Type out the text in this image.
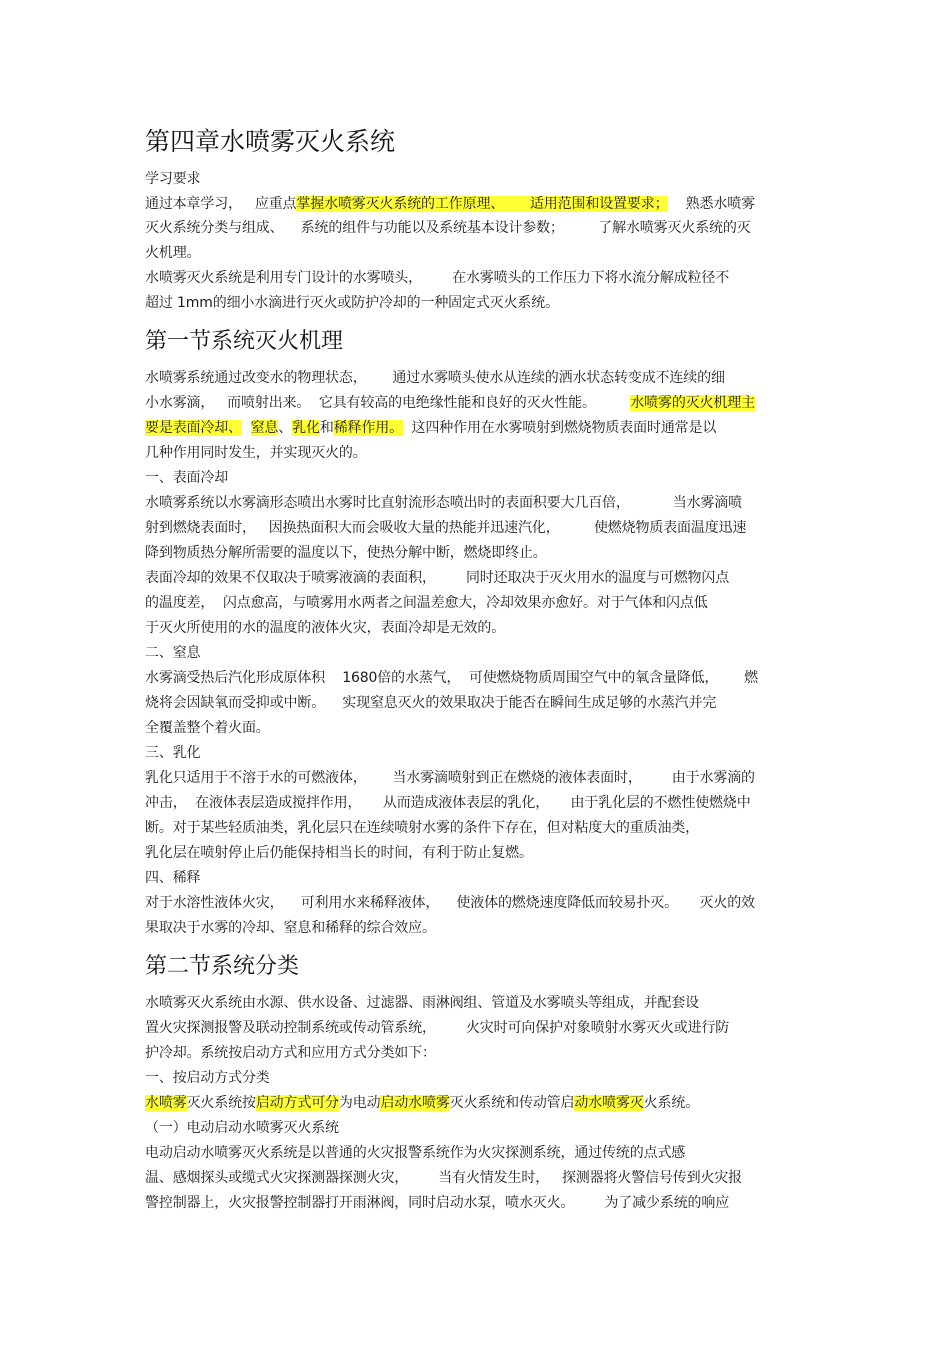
第四章水喷雾灭火系统
学习要求
通过本章学习，   应重点掌握水喷雾灭火系统的工作原理、      适用范围和设置要求；    熟悉水喷雾
灭火系统分类与组成、    系统的组件与功能以及系统基本设计参数；        了解水喷雾灭火系统的灭
火机理。
水喷雾灭火系统是利用专门设计的水雾喷头，       在水雾喷头的工作压力下将水流分解成粒径不
超过 1mm的细小水滴进行灭火或防护冷却的一种固定式灭火系统。
第一节系统灭火机理
水喷雾系统通过改变水的物理状态，      通过水雾喷头使水从连续的洒水状态转变成不连续的细
小水雾滴，   而喷射出来。  它具有较高的电绝缘性能和良好的灭火性能。        水喷雾的灭火机理主
要是表面冷却、 窒息、乳化和稀释作用。  这四种作用在水雾喷射到燃烧物质表面时通常是以
几种作用同时发生，并实现灭火的。
一、表面冷却
水喷雾系统以水雾滴形态喷出水雾时比直射流形态喷出时的表面积要大几百倍，          当水雾滴喷
射到燃烧表面时，   因换热面积大而会吸收大量的热能并迅速汽化，        使燃烧物质表面温度迅速
降到物质热分解所需要的温度以下，使热分解中断，燃烧即终止。
表面冷却的效果不仅取决于喷雾液滴的表面积，       同时还取决于灭火用水的温度与可燃物闪点
的温度差，  闪点愈高，与喷雾用水两者之间温差愈大，冷却效果亦愈好。对于气体和闪点低
于灭火所使用的水的温度的液体火灾，表面冷却是无效的。
二、窒息
水雾滴受热后汽化形成原体积    1680倍的水蒸气，  可使燃烧物质周围空气中的氧含量降低，      燃
烧将会因缺氧而受抑或中断。    实现窒息灭火的效果取决于能否在瞬间生成足够的水蒸汽并完
全覆盖整个着火面。
三、乳化
乳化只适用于不溶于水的可燃液体，      当水雾滴喷射到正在燃烧的液体表面时，       由于水雾滴的
冲击，  在液体表层造成搅拌作用，     从而造成液体表层的乳化，     由于乳化层的不燃性使燃烧中
断。对于某些轻质油类，乳化层只在连续喷射水雾的条件下存在，但对粘度大的重质油类，
乳化层在喷射停止后仍能保持相当长的时间，有利于防止复燃。
四、稀释
对于水溶性液体火灾，    可利用水来稀释液体，    使液体的燃烧速度降低而较易扑灭。     灭火的效
果取决于水雾的冷却、窒息和稀释的综合效应。
第二节系统分类
水喷雾灭火系统由水源、供水设备、过滤器、雨淋阀组、管道及水雾喷头等组成，并配套设
置火灾探测报警及联动控制系统或传动管系统，       火灾时可向保护对象喷射水雾灭火或进行防
护冷却。系统按启动方式和应用方式分类如下：
一、按启动方式分类
水喷雾灭火系统按启动方式可分为电动启动水喷雾灭火系统和传动管启动水喷雾灭火系统。
（一）电动启动水喷雾灭火系统
电动启动水喷雾灭火系统是以普通的火灾报警系统作为火灾探测系统，通过传统的点式感
温、感烟探头或缆式火灾探测器探测火灾，       当有火情发生时，   探测器将火警信号传到火灾报
警控制器上，火灾报警控制器打开雨淋阀，同时启动水泵，喷水灭火。       为了减少系统的响应
